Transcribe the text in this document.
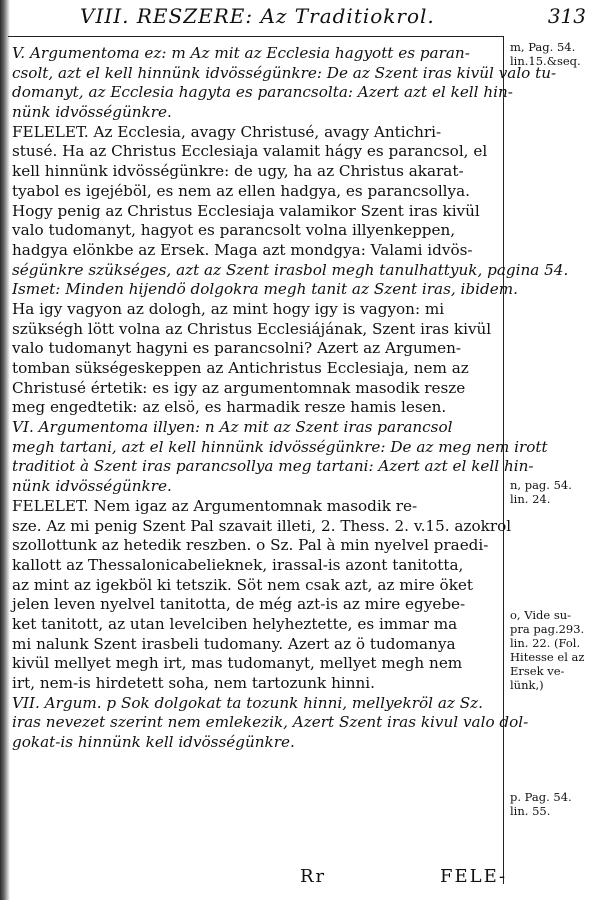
VIII. RESZERE: Az Traditiokrol.	313
V. Argumentoma ez: m Az mit az Ecclesia hagyott es paran-
csolt, azt el kell hinnünk idvösségünkre: De az Szent iras kivül valo tu-
domanyt, az Ecclesia hagyta es parancsolta: Azert azt el kell hin-
nünk idvösségünkre.
FELELET. Az Ecclesia, avagy Christusé, avagy Antichri-
stusé. Ha az Christus Ecclesiaja valamit hágy es parancsol, el
kell hinnünk idvösségünkre: de ugy, ha az Christus akarat-
tyabol es igejéböl, es nem az ellen hadgya, es parancsollya.
Hogy penig az Christus Ecclesiaja valamikor Szent iras kivül
valo tudomanyt, hagyot es parancsolt volna illyenkeppen,
hadgya elönkbe az Ersek. Maga azt mondgya: Valami idvös-
ségünkre szükséges, azt az Szent irasbol megh tanulhattyuk, pagina 54.
Ismet: Minden hijendö dolgokra megh tanit az Szent iras, ibidem.
Ha igy vagyon az dologh, az mint hogy igy is vagyon: mi
szükségh lött volna az Christus Ecclesiájának, Szent iras kivül
valo tudomanyt hagyni es parancsolni? Azert az Argumen-
tomban sükségeskeppen az Antichristus Ecclesiaja, nem az
Christusé értetik: es igy az argumentomnak masodik resze
meg engedtetik: az elsö, es harmadik resze hamis lesen.
VI. Argumentoma illyen: n Az mit az Szent iras parancsol
megh tartani, azt el kell hinnünk idvösségünkre: De az meg nem irott
traditiot à Szent iras parancsollya meg tartani: Azert azt el kell hin-
nünk idvösségünkre.
FELELET. Nem igaz az Argumentomnak masodik re-
sze. Az mi penig Szent Pal szavait illeti, 2. Thess. 2. v.15. azokrol
szollottunk az hetedik reszben. o Sz. Pal à min nyelvel praedi-
kallott az Thessalonicabelieknek, irassal-is azont tanitotta,
az mint az igekböl ki tetszik. Söt nem csak azt, az mire öket
jelen leven nyelvel tanitotta, de még azt-is az mire egyebe-
ket tanitott, az utan levelciben helyheztette, es immar ma
mi nalunk Szent irasbeli tudomany. Azert az ö tudomanya
kivül mellyet megh irt, mas tudomanyt, mellyet megh nem
irt, nem-is hirdetett soha, nem tartozunk hinni.
VII. Argum. p Sok dolgokat ta tozunk hinni, mellyekröl az Sz.
iras nevezet szerint nem emlekezik, Azert Szent iras kivul valo dol-
gokat-is hinnünk kell idvösségünkre.
m, Pag. 54.
lin.15.&seq.
n, pag. 54.
lin. 24.
o, Vide su-
pra pag.293.
lin. 22. (Fol.
Hitesse el az
Ersek ve-
lünk,)
p. Pag. 54.
lin. 55.
Rr	FELE-
